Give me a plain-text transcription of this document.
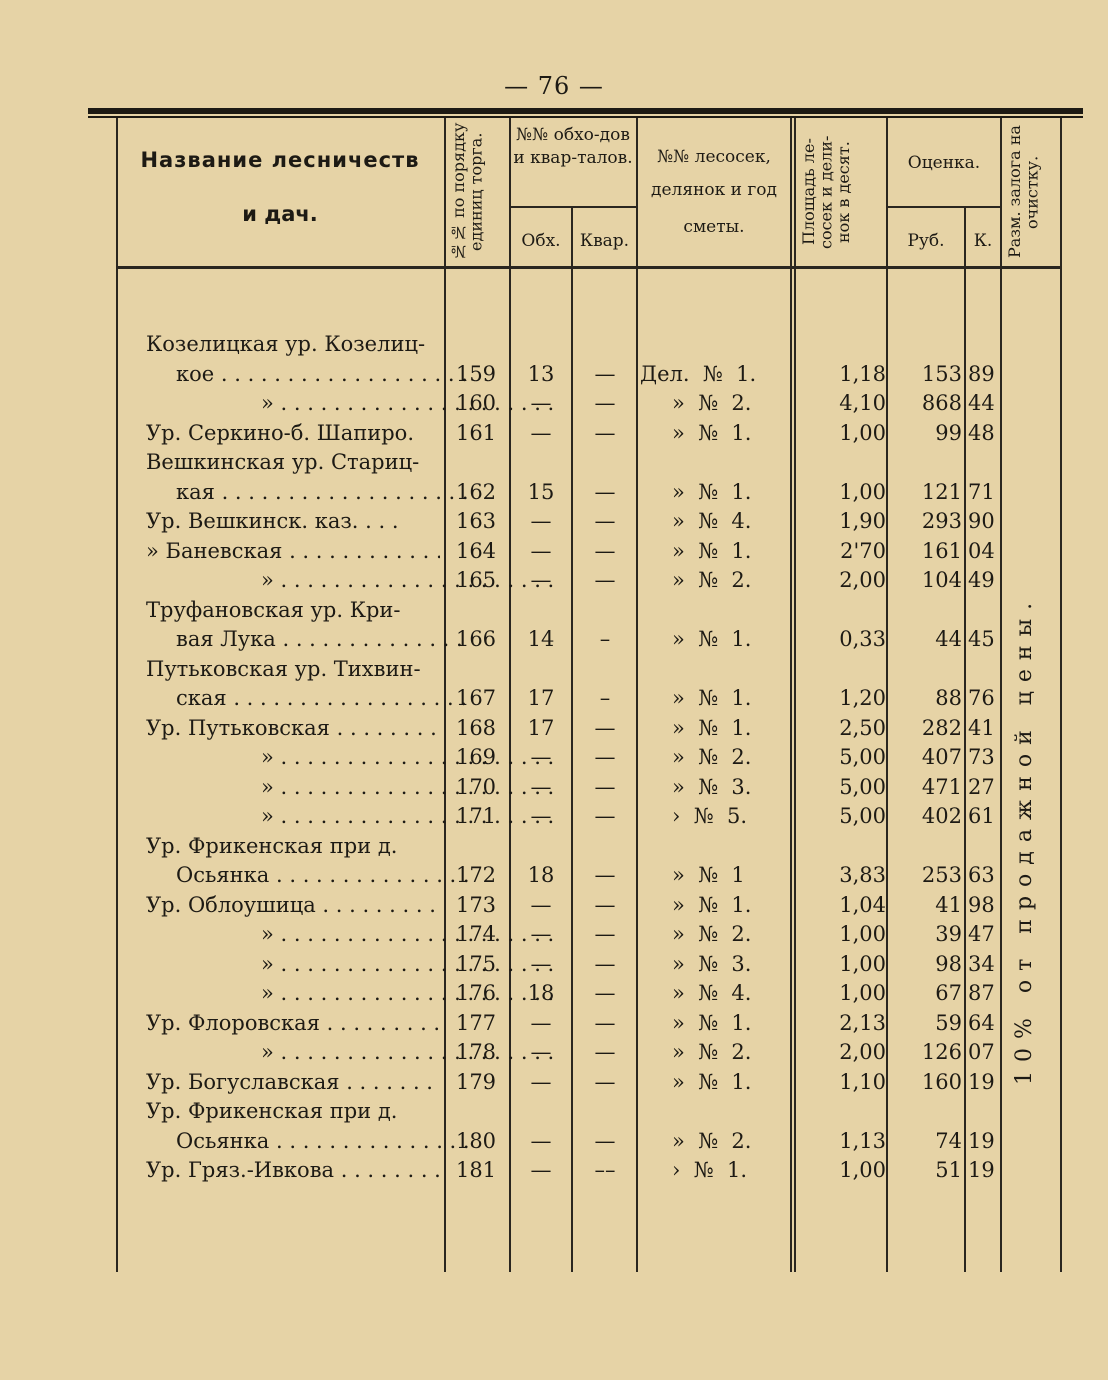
— 76 —
Название лесничеств
и дач.	№№ по порядку единиц торга.	№№ обхо-дов и квар-талов.
Обх.	Квар.
№№ лесосек,
делянок и год
сметы.	Площадь ле-сосек и дели-нок в десят.	Оценка.
Руб.	К. Разм. залога на очистку.
10% от продажной цены.
Козелицкая ур. Козелиц-
кое . . .	159	13	—	Дел.  №  1.	1,18	153 89
» . . .	160	—	—	»  №  2.	4,10	868 44
Ур. Серкино-б. Шапиро.	161	—	—	»  №  1.	1,00	99 48
Вешкинская ур. Стариц-
кая . . .	162	15	—	»  №  1.	1,00	121 71
Ур. Вешкинск. каз. . . .	163	—	—	»  №  4.	1,90	293 90
» Баневская . . .	164	—	—	»  №  1.	2'70	161 04
» . . .	165	—	—	»  №  2.	2,00	104 49
Труфановская ур. Кри-
вая Лука . . .	166	14	–	»  №  1.	0,33	44 45
Путьковская ур. Тихвин-
ская . . .	167	17	–	»  №  1.	1,20	88 76
Ур. Путьковская . . .	168	17	—	»  №  1.	2,50	282 41
» . . .	169	—	—	»  №  2.	5,00	407 73
» . . .	170	—	—	»  №  3.	5,00	471 27
» . . .	171	—	—	›  №  5.	5,00	402 61
Ур. Фрикенская при д.
Осьянка . . .	172	18	—	»  №  1	3,83	253 63
Ур. Облоушица . . .	173	—	—	»  №  1.	1,04	41 98
» . . .	174	—	—	»  №  2.	1,00	39 47
» . . .	175	—	—	»  №  3.	1,00	98 34
» . . .	176	18	—	»  №  4.	1,00	67 87
Ур. Флоровская . . .	177	—	—	»  №  1.	2,13	59 64
» . . .	178	—	—	»  №  2.	2,00	126 07
Ур. Богуславская . . .	179	—	—	»  №  1.	1,10	160 19
Ур. Фрикенская при д.
Осьянка . . .	180	—	—	»  №  2.	1,13	74 19
Ур. Гряз.-Ивкова . . .	181	—	––	›  №  1.	1,00	51 19
